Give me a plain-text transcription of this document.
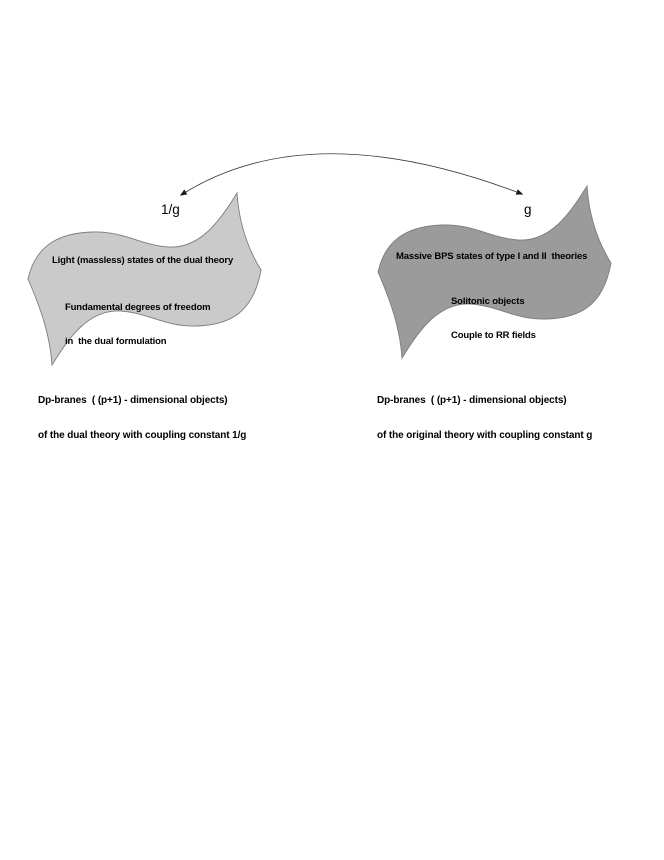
1/g	g
Light (massless) states of the dual theory

Fundamental degrees of freedom

in  the dual formulation

Massive BPS states of type I and II  theories

Solitonic objects

Couple to RR fields

Dp-branes  ( (p+1) - dimensional objects)

of the dual theory with coupling constant 1/g

Dp-branes  ( (p+1) - dimensional objects)

of the original theory with coupling constant g
